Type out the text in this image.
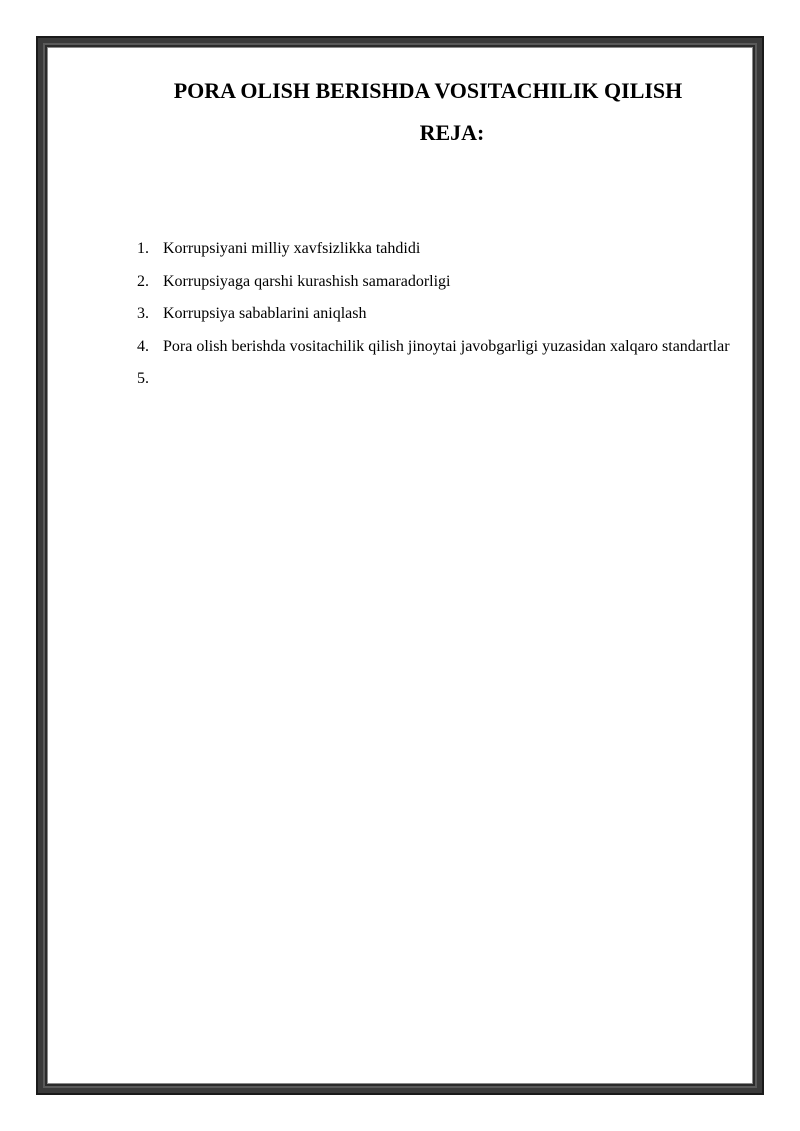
PORA OLISH BERISHDA VOSITACHILIK QILISH
REJA:
1. Korrupsiyani milliy xavfsizlikka tahdidi
2. Korrupsiyaga qarshi kurashish samaradorligi
3. Korrupsiya sabablarini aniqlash
4. Pora olish berishda vositachilik qilish jinoytai javobgarligi yuzasidan xalqaro standartlar
5.
